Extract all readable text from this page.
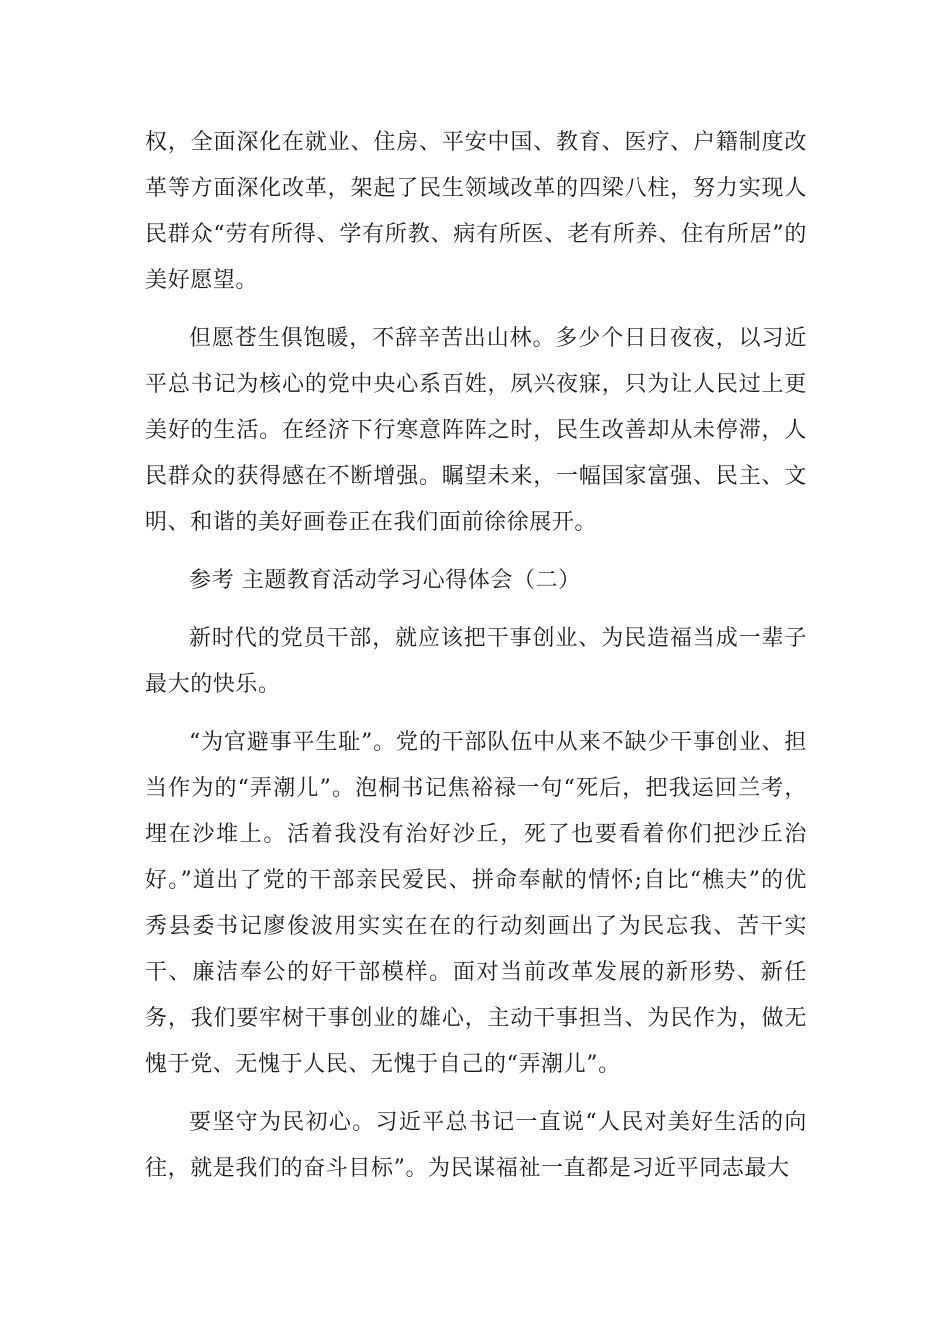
权，全面深化在就业、住房、平安中国、教育、医疗、户籍制度改革等方面深化改革，架起了民生领域改革的四梁八柱，努力实现人民群众“劳有所得、学有所教、病有所医、老有所养、住有所居”的美好愿望。

但愿苍生俱饱暖，不辞辛苦出山林。多少个日日夜夜，以习近平总书记为核心的党中央心系百姓，夙兴夜寐，只为让人民过上更美好的生活。在经济下行寒意阵阵之时，民生改善却从未停滞，人民群众的获得感在不断增强。瞩望未来，一幅国家富强、民主、文明、和谐的美好画卷正在我们面前徐徐展开。

参考 主题教育活动学习心得体会（二）

新时代的党员干部，就应该把干事创业、为民造福当成一辈子最大的快乐。

“为官避事平生耻”。党的干部队伍中从来不缺少干事创业、担当作为的“弄潮儿”。泡桐书记焦裕禄一句“死后，把我运回兰考，埋在沙堆上。活着我没有治好沙丘，死了也要看着你们把沙丘治好。”道出了党的干部亲民爱民、拼命奉献的情怀;自比“樵夫”的优秀县委书记廖俊波用实实在在的行动刻画出了为民忘我、苦干实干、廉洁奉公的好干部模样。面对当前改革发展的新形势、新任务，我们要牢树干事创业的雄心，主动干事担当、为民作为，做无愧于党、无愧于人民、无愧于自己的“弄潮儿”。

要坚守为民初心。习近平总书记一直说“人民对美好生活的向往，就是我们的奋斗目标”。为民谋福祉一直都是习近平同志最大
